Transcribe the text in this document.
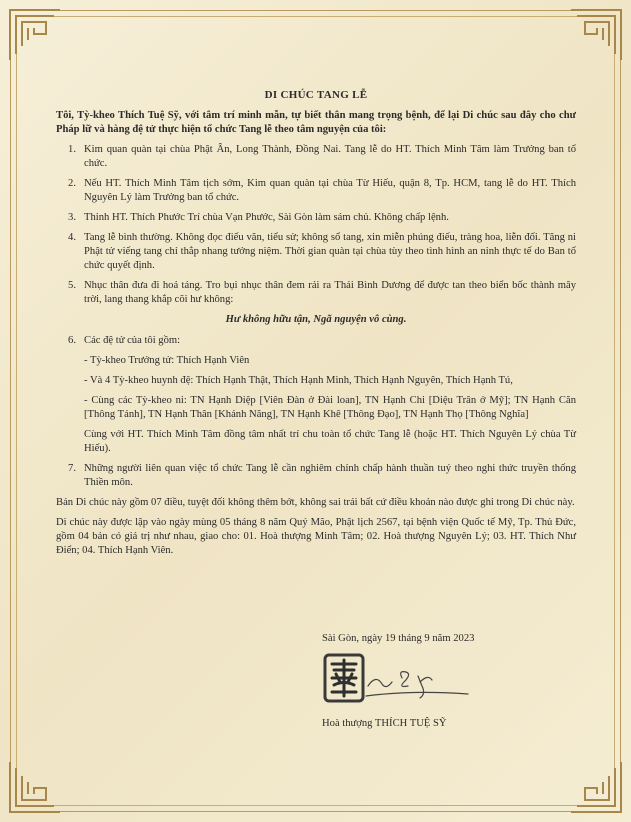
DI CHÚC TANG LỄ

Tôi, Tỳ-kheo Thích Tuệ Sỹ, với tâm trí minh mẫn, tự biết thân mang trọng bệnh, để lại Di chúc sau đây cho chư Pháp lữ và hàng đệ tử thực hiện tổ chức Tang lễ theo tâm nguyện của tôi:

1. Kim quan quàn tại chùa Phật Ân, Long Thành, Đồng Nai. Tang lễ do HT. Thích Minh Tâm làm Trưởng ban tổ chức.
2. Nếu HT. Thích Minh Tâm tịch sớm, Kim quan quàn tại chùa Từ Hiếu, quận 8, Tp. HCM, tang lễ do HT. Thích Nguyên Lý làm Trưởng ban tổ chức.
3. Thỉnh HT. Thích Phước Trí chùa Vạn Phước, Sài Gòn làm sám chủ. Không chấp lệnh.
4. Tang lễ bình thường. Không đọc điếu văn, tiểu sử; không sổ tang, xin miễn phúng điếu, tràng hoa, liễn đối. Tăng ni Phật tử viếng tang chỉ thắp nhang tưởng niệm. Thời gian quàn tại chùa tùy theo tình hình an ninh thực tế do Ban tổ chức quyết định.
5. Nhục thân đưa đi hoả táng. Tro bụi nhục thân đem rải ra Thái Bình Dương để được tan theo biển bốc thành mây trời, lang thang khắp cõi hư không:

Hư không hữu tận, Ngã nguyện vô cùng.

6. Các đệ tử của tôi gồm:

- Tỳ-kheo Trưởng tử: Thích Hạnh Viên

- Và 4 Tỳ-kheo huynh đệ: Thích Hạnh Thật, Thích Hạnh Minh, Thích Hạnh Nguyên, Thích Hạnh Tú,

- Cùng các Tỳ-kheo ni: TN Hạnh Diệp [Viên Đàn ở Đài loan], TN Hạnh Chi [Diệu Trân ở Mỹ]; TN Hạnh Căn [Thông Tánh], TN Hạnh Thân [Khánh Năng], TN Hạnh Khê [Thông Đạo], TN Hạnh Thọ [Thông Nghĩa]

Cùng với HT. Thích Minh Tâm đồng tâm nhất trí chu toàn tổ chức Tang lễ (hoặc HT. Thích Nguyên Lý chùa Từ Hiếu).

7. Những người liên quan việc tổ chức Tang lễ cần nghiêm chỉnh chấp hành thuần tuý theo nghi thức truyền thống Thiền môn.

Bản Di chúc này gồm 07 điều, tuyệt đối không thêm bớt, không sai trái bất cứ điều khoản nào được ghi trong Di chúc này.

Di chúc này được lập vào ngày mùng 05 tháng 8 năm Quý Mão, Phật lịch 2567, tại bệnh viện Quốc tế Mỹ, Tp. Thủ Đức, gồm 04 bản có giá trị như nhau, giao cho: 01. Hoà thượng Minh Tâm; 02. Hoà thượng Nguyên Lý; 03. HT. Thích Như Điển; 04. Thích Hạnh Viên.

Sài Gòn, ngày 19 tháng 9 năm 2023
Hoà thượng THÍCH TUỆ SỸ
